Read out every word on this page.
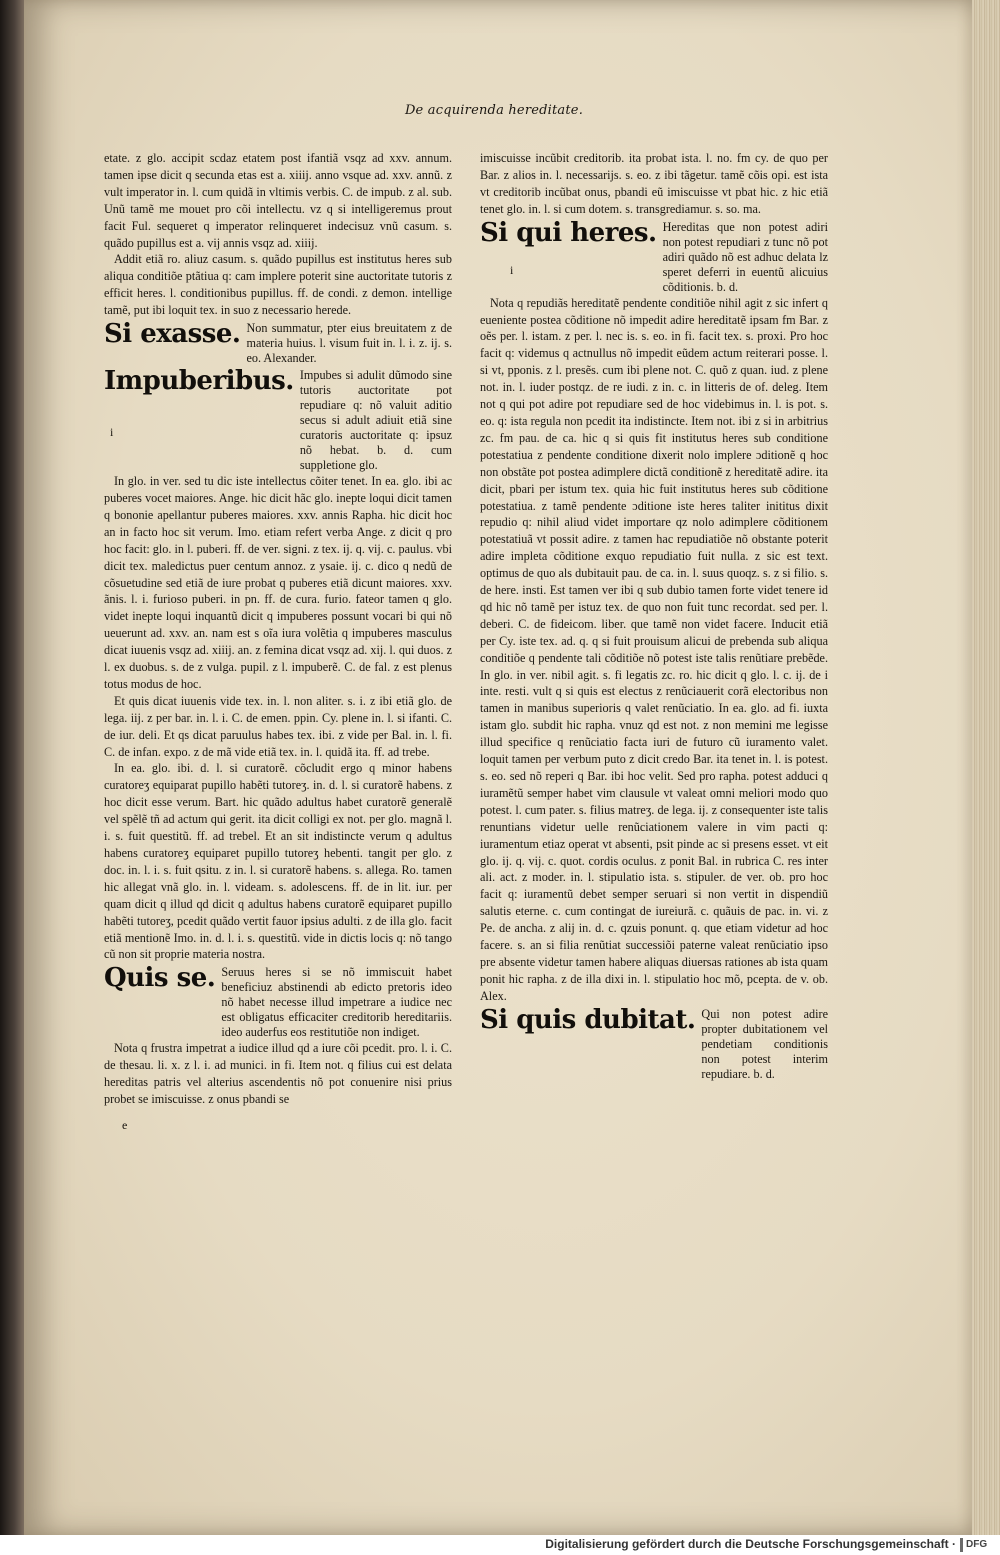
De acquirenda hereditate.

etate. z glo. accipit scdaz etatem post ifantiã vsqz ad xxv. annum. tamen ipse dicit q secunda etas est a. xiiij. anno vsque ad. xxv. annũ. z vult imperator in. l. cum quidã in vltimis verbis. C. de impub. z al. sub. Unũ tamẽ me mouet pro cõi intellectu. vz q si intelligeremus prout facit Ful. sequeret q imperator relinqueret indecisuz vnũ casum. s. quãdo pupillus est a. vij annis vsqz ad. xiiij.

Addit etiã ro. aliuz casum. s. quãdo pupillus est institutus heres sub aliqua conditiõe ptãtiua q: cam implere poterit sine auctoritate tutoris z efficit heres. l. conditionibus pupillus. ff. de condi. z demon. intellige tamẽ, put ibi loquit tex. in suo z necessario herede.

Si exasse. Non summatur, pter eius breuitatem z de materia huius. l. visum fuit in. l. i. z. ij. s. eo. Alexander.
Impuberibus. Impubes si adulit dũmodo sine tutoris auctoritate pot repudiare q: nõ valuit aditio secus si adult adiuit etiã sine curatoris auctoritate q: ipsuz nõ hebat. b. d. cum suppletione glo.

In glo. in ver. sed tu dic iste intellectus cõiter tenet. In ea. glo. ibi ac puberes vocet maiores. Ange. hic dicit hãc glo. inepte loqui dicit tamen q bononie apellantur puberes maiores. xxv. annis Rapha. hic dicit hoc an in facto hoc sit verum. Imo. etiam refert verba Ange. z dicit q pro hoc facit: glo. in l. puberi. ff. de ver. signi. z tex. ij. q. vij. c. paulus. vbi dicit tex. maledictus puer centum annoz. z ysaie. ij. c. dico q nedũ de cõsuetudine sed etiã de iure probat q puberes etiã dicunt maiores. xxv. ãnis. l. i. furioso puberi. in pn. ff. de cura. furio. fateor tamen q glo. videt inepte loqui inquantũ dicit q impuberes possunt vocari bi qui nõ ueuerunt ad. xxv. an. nam est s oĩa iura volẽtia q impuberes masculus dicat iuuenis vsqz ad. xiiij. an. z femina dicat vsqz ad. xij. l. qui duos. z l. ex duobus. s. de z vulga. pupil. z l. impuberẽ. C. de fal. z est plenus totus modus de hoc.

Et quis dicat iuuenis vide tex. in. l. non aliter. s. i. z ibi etiã glo. de lega. iij. z per bar. in. l. i. C. de emen. ppin. Cy. plene in. l. si ifanti. C. de iur. deli. Et qs dicat paruulus habes tex. ibi. z vide per Bal. in. l. fi. C. de infan. expo. z de mã vide etiã tex. in. l. quidã ita. ff. ad trebe.

In ea. glo. ibi. d. l. si curatorẽ. cõcludit ergo q minor habens curatoreʒ equiparat pupillo habẽti tutoreʒ. in. d. l. si curatorẽ habens. z hoc dicit esse verum. Bart. hic quãdo adultus habet curatorẽ generalẽ vel spẽlẽ tñ ad actum qui gerit. ita dicit colligi ex not. per glo. magnã l. i. s. fuit questitũ. ff. ad trebel. Et an sit indistincte verum q adultus habens curatoreʒ equiparet pupillo tutoreʒ hebenti. tangit per glo. z doc. in. l. i. s. fuit qsitu. z in. l. si curatorẽ habens. s. allega. Ro. tamen hic allegat vnã glo. in. l. videam. s. adolescens. ff. de in lit. iur. per quam dicit q illud qd dicit q adultus habens curatorẽ equiparet pupillo habẽti tutoreʒ, pcedit quãdo vertit fauor ipsius adulti. z de illa glo. facit etiã mentionẽ Imo. in. d. l. i. s. questitũ. vide in dictis locis q: nõ tango cũ non sit proprie materia nostra.

Quis se. Seruus heres si se nõ immiscuit habet beneficiuz abstinendi ab edicto pretoris ideo nõ habet necesse illud impetrare a iudice nec est obligatus efficaciter creditorib hereditariis. ideo auderfus eos restitutiõe non indiget.

Nota q frustra impetrat a iudice illud qd a iure cõi pcedit. pro. l. i. C. de thesau. li. x. z l. i. ad munici. in fi. Item not. q filius cui est delata hereditas patris vel alterius ascendentis nõ pot conuenire nisi prius probet se imiscuisse. z onus pbandi se

imiscuisse incũbit creditorib. ita probat ista. l. no. fm cy. de quo per Bar. z alios in. l. necessarijs. s. eo. z ibi tãgetur. tamẽ cõis opi. est ista vt creditorib incũbat onus, pbandi eũ imiscuisse vt pbat hic. z hic etiã tenet glo. in. l. si cum dotem. s. transgrediamur. s. so. ma.

Si qui heres. Hereditas que non potest adiri non potest repudiari z tunc nõ pot adiri quãdo nõ est adhuc delata lz speret deferri in euentũ alicuius cõditionis. b. d.

Nota q repudiãs hereditatẽ pendente conditiõe nihil agit z sic infert q eueniente postea cõditione nõ impedit adire hereditatẽ ipsam fm Bar. z oẽs per. l. istam. z per. l. nec is. s. eo. in fi. facit tex. s. proxi. Pro hoc facit q: videmus q actnullus nõ impedit eũdem actum reiterari posse. l. si vt, pponis. z l. presẽs. cum ibi plene not. C. quõ z quan. iud. z plene not. in. l. iuder postqz. de re iudi. z in. c. in litteris de of. deleg. Item not q qui pot adire pot repudiare sed de hoc videbimus in. l. is pot. s. eo. q: ista regula non pcedit ita indistincte. Item not. ibi z si in arbitrius zc. fm pau. de ca. hic q si quis fit institutus heres sub conditione potestatiua z pendente conditione dixerit nolo implere ɔditionẽ q hoc non obstãte pot postea adimplere dictã conditionẽ z hereditatẽ adire. ita dicit, pbari per istum tex. quia hic fuit institutus heres sub cõditione potestatiua. z tamẽ pendente ɔditione iste heres taliter inititus dixit repudio q: nihil aliud videt importare qz nolo adimplere cõditionem potestatiuã vt possit adire. z tamen hac repudiatiõe nõ obstante poterit adire impleta cõditione exquo repudiatio fuit nulla. z sic est text. optimus de quo als dubitauit pau. de ca. in. l. suus quoqz. s. z si filio. s. de here. insti. Est tamen ver ibi q sub dubio tamen forte videt tenere id qd hic nõ tamẽ per istuz tex. de quo non fuit tunc recordat. sed per. l. deberi. C. de fideicom. liber. que tamẽ non videt facere. Inducit etiã per Cy. iste tex. ad. q. q si fuit prouisum alicui de prebenda sub aliqua conditiõe q pendente tali cõditiõe nõ potest iste talis renũtiare prebẽde. In glo. in ver. nibil agit. s. fi legatis zc. ro. hic dicit q glo. l. c. ij. de i inte. resti. vult q si quis est electus z renũciauerit corã electoribus non tamen in manibus superioris q valet renũciatio. In ea. glo. ad fi. iuxta istam glo. subdit hic rapha. vnuz qd est not. z non memini me legisse illud specifice q renũciatio facta iuri de futuro cũ iuramento valet. loquit tamen per verbum puto z dicit credo Bar. ita tenet in. l. is potest. s. eo. sed nõ reperi q Bar. ibi hoc velit. Sed pro rapha. potest adduci q iuramẽtũ semper habet vim clausule vt valeat omni meliori modo quo potest. l. cum pater. s. filius matreʒ. de lega. ij. z consequenter iste talis renuntians videtur uelle renũciationem valere in vim pacti q: iuramentum etiaz operat vt absenti, psit pinde ac si presens esset. vt eit glo. ij. q. vij. c. quot. cordis oculus. z ponit Bal. in rubrica C. res inter ali. act. z moder. in. l. stipulatio ista. s. stipuler. de ver. ob. pro hoc facit q: iuramentũ debet semper seruari si non vertit in dispendiũ salutis eterne. c. cum contingat de iureiurã. c. quãuis de pac. in. vi. z Pe. de ancha. z alij in. d. c. qzuis ponunt. q. que etiam videtur ad hoc facere. s. an si filia renũtiat successiõi paterne valeat renũciatio ipso pre absente videtur tamen habere aliquas diuersas rationes ab ista quam ponit hic rapha. z de illa dixi in. l. stipulatio hoc mõ, pcepta. de v. ob. Alex.

Si quis dubitat. Qui non potest adire propter dubitationem vel pendetiam conditionis non potest interim repudiare. b. d.
i
i
e
Digitalisierung gefördert durch die Deutsche Forschungsgemeinschaft ·	DFG
